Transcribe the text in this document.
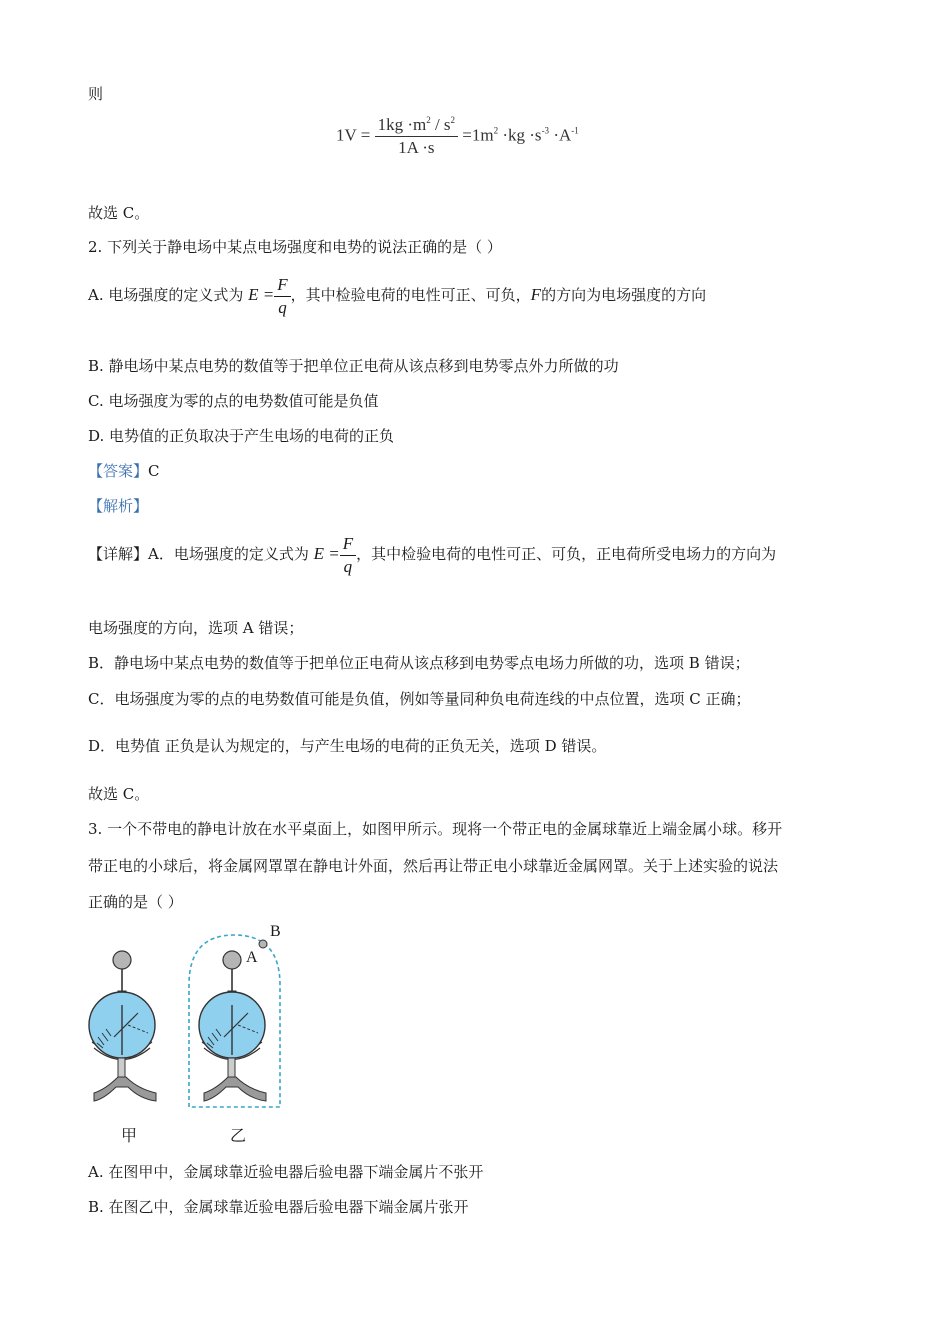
则
$1V = \frac{1kg \cdot m^2 / s^2}{1A \cdot s} =1m^2 \cdot kg \cdot s^{-3} \cdot A^{-1}$
故选 C。
2. 下列关于静电场中某点电场强度和电势的说法正确的是（ ）
A. 电场强度的定义式为 $E = \frac{F}{q}$ ，其中检验电荷的电性可正、可负，F的方向为电场强度的方向
B. 静电场中某点电势的数值等于把单位正电荷从该点移到电势零点外力所做的功
C. 电场强度为零的点的电势数值可能是负值
D. 电势值的正负取决于产生电场的电荷的正负
【答案】C
【解析】
【详解】A．电场强度的定义式为 $E = \frac{F}{q}$ ，其中检验电荷的电性可正、可负，正电荷所受电场力的方向为
电场强度的方向，选项 A 错误；
B．静电场中某点电势的数值等于把单位正电荷从该点移到电势零点电场力所做的功，选项 B 错误；
C．电场强度为零的点的电势数值可能是负值，例如等量同种负电荷连线的中点位置，选项 C 正确；
D．电势值 正负是认为规定的，与产生电场的电荷的正负无关，选项 D 错误。
故选 C。
3. 一个不带电的静电计放在水平桌面上，如图甲所示。现将一个带正电的金属球靠近上端金属小球。移开
带正电的小球后，将金属网罩罩在静电计外面，然后再让带正电小球靠近金属网罩。关于上述实验的说法
正确的是（ ）
A
B
甲	乙
A. 在图甲中，金属球靠近验电器后验电器下端金属片不张开
B. 在图乙中，金属球靠近验电器后验电器下端金属片张开
